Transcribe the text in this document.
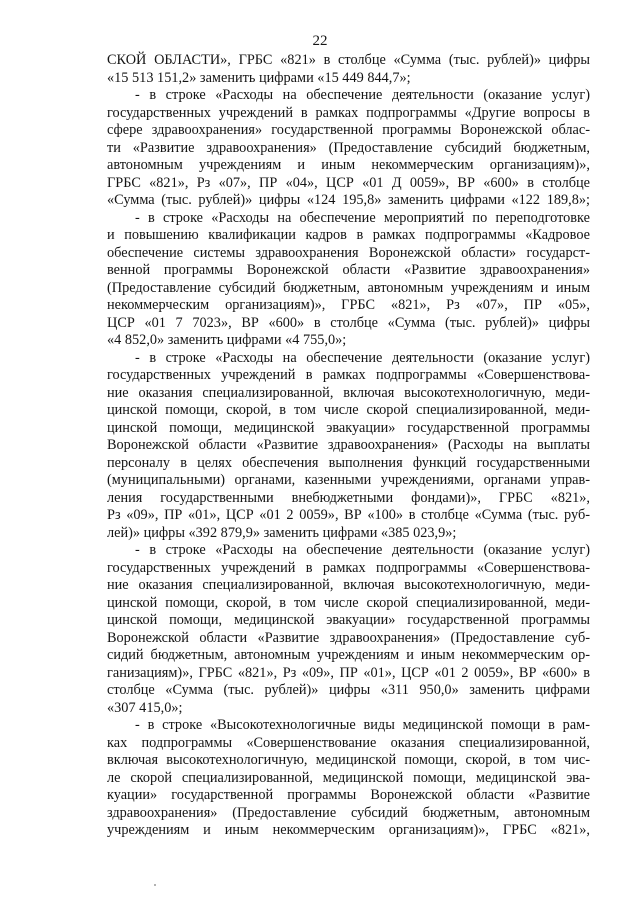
22
СКОЙ ОБЛАСТИ», ГРБС «821» в столбце «Сумма (тыс. рублей)» цифры
«15 513 151,2» заменить цифрами «15 449 844,7»;
- в строке «Расходы на обеспечение деятельности (оказание услуг)
государственных учреждений в рамках подпрограммы «Другие вопросы в
сфере здравоохранения» государственной программы Воронежской облас-
ти «Развитие здравоохранения» (Предоставление субсидий бюджетным,
автономным учреждениям и иным некоммерческим организациям)»,
ГРБС «821», Рз «07», ПР «04», ЦСР «01 Д 0059», ВР «600» в столбце
«Сумма (тыс. рублей)» цифры «124 195,8» заменить цифрами «122 189,8»;
- в строке «Расходы на обеспечение мероприятий по переподготовке
и повышению квалификации кадров в рамках подпрограммы «Кадровое
обеспечение системы здравоохранения Воронежской области» государст-
венной программы Воронежской области «Развитие здравоохранения»
(Предоставление субсидий бюджетным, автономным учреждениям и иным
некоммерческим организациям)», ГРБС «821», Рз «07», ПР «05»,
ЦСР «01 7 7023», ВР «600» в столбце «Сумма (тыс. рублей)» цифры
«4 852,0» заменить цифрами «4 755,0»;
- в строке «Расходы на обеспечение деятельности (оказание услуг)
государственных учреждений в рамках подпрограммы «Совершенствова-
ние оказания специализированной, включая высокотехнологичную, меди-
цинской помощи, скорой, в том числе скорой специализированной, меди-
цинской помощи, медицинской эвакуации» государственной программы
Воронежской области «Развитие здравоохранения» (Расходы на выплаты
персоналу в целях обеспечения выполнения функций государственными
(муниципальными) органами, казенными учреждениями, органами управ-
ления государственными внебюджетными фондами)», ГРБС «821»,
Рз «09», ПР «01», ЦСР «01 2 0059», ВР «100» в столбце «Сумма (тыс. руб-
лей)» цифры «392 879,9» заменить цифрами «385 023,9»;
- в строке «Расходы на обеспечение деятельности (оказание услуг)
государственных учреждений в рамках подпрограммы «Совершенствова-
ние оказания специализированной, включая высокотехнологичную, меди-
цинской помощи, скорой, в том числе скорой специализированной, меди-
цинской помощи, медицинской эвакуации» государственной программы
Воронежской области «Развитие здравоохранения» (Предоставление суб-
сидий бюджетным, автономным учреждениям и иным некоммерческим ор-
ганизациям)», ГРБС «821», Рз «09», ПР «01», ЦСР «01 2 0059», ВР «600» в
столбце «Сумма (тыс. рублей)» цифры «311 950,0» заменить цифрами
«307 415,0»;
- в строке «Высокотехнологичные виды медицинской помощи в рам-
ках подпрограммы «Совершенствование оказания специализированной,
включая высокотехнологичную, медицинской помощи, скорой, в том чис-
ле скорой специализированной, медицинской помощи, медицинской эва-
куации» государственной программы Воронежской области «Развитие
здравоохранения» (Предоставление субсидий бюджетным, автономным
учреждениям и иным некоммерческим организациям)», ГРБС «821»,
